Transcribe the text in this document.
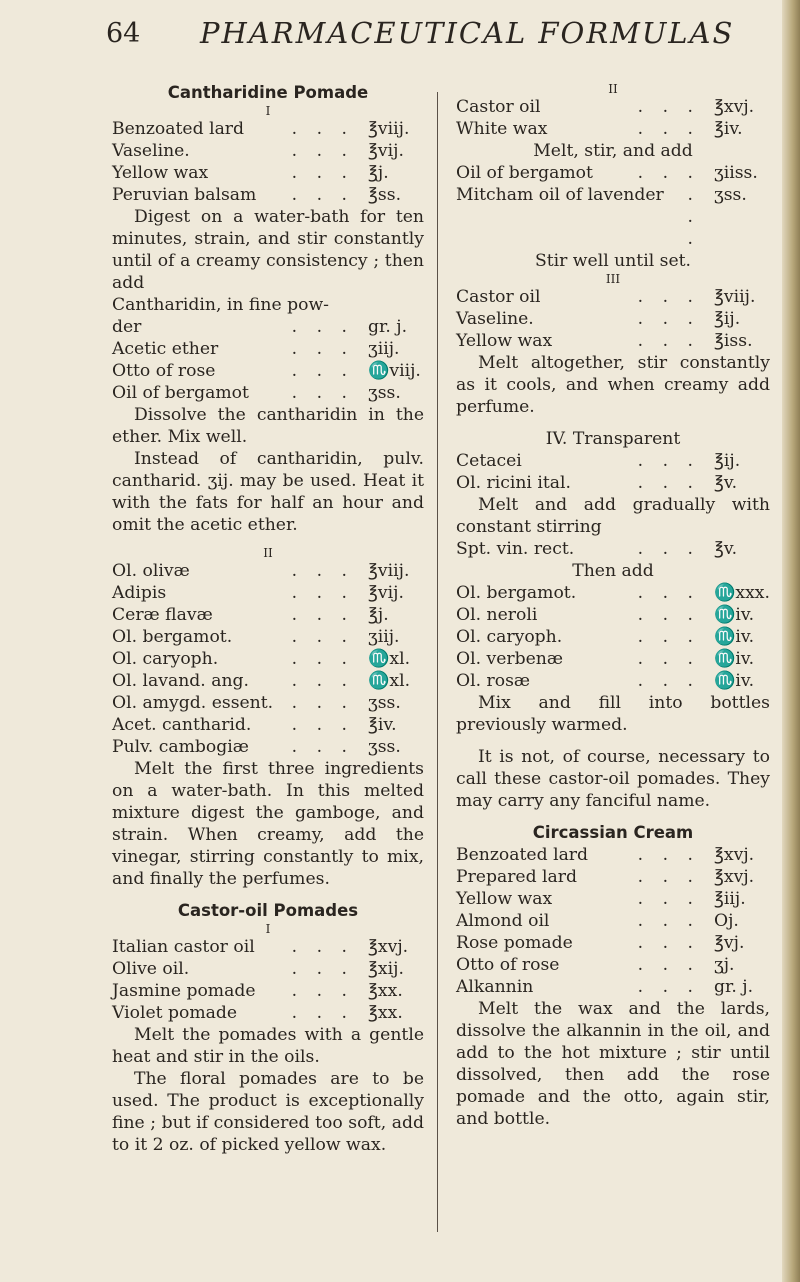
64 PHARMACEUTICAL FORMULAS
Cantharidine Pomade
I
Benzoated lard	. . . ℥viij.
Vaseline.	. . . ℥vij.
Yellow wax	. . . ℥j.
Peruvian balsam	. . . ℥ss.

Digest on a water-bath for ten minutes, strain, and stir constantly until of a creamy consistency ; then add

Cantharidin, in fine pow-
der	. . . gr. j.
Acetic ether	. . . ʒiij.
Otto of rose	. . . ♏viij.
Oil of bergamot	. . . ʒss.

Dissolve the cantharidin in the ether. Mix well.

Instead of cantharidin, pulv. cantharid. ʒij. may be used. Heat it with the fats for half an hour and omit the acetic ether.

II
Ol. olivæ	. . . ℥viij.
Adipis	. . . ℥vij.
Ceræ flavæ	. . . ℥j.
Ol. bergamot.	. . . ʒiij.
Ol. caryoph.	. . . ♏xl.
Ol. lavand. ang.	. . . ♏xl.
Ol. amygd. essent.	. . . ʒss.
Acet. cantharid.	. . . ℥iv.
Pulv. cambogiæ	. . . ʒss.

Melt the first three ingredients on a water-bath. In this melted mixture digest the gamboge, and strain. When creamy, add the vinegar, stirring constantly to mix, and finally the perfumes.

Castor-oil Pomades
I
Italian castor oil	. . . ℥xvj.
Olive oil.	. . . ℥xij.
Jasmine pomade	. . . ℥xx.
Violet pomade	. . . ℥xx.

Melt the pomades with a gentle heat and stir in the oils.

The floral pomades are to be used. The product is exceptionally fine ; but if considered too soft, add to it 2 oz. of picked yellow wax.

II
Castor oil	. . . ℥xvj.
White wax	. . . ℥iv.

Melt, stir, and add

Oil of bergamot	. . . ʒiiss.
Mitcham oil of lavender	. . .
ʒss.

Stir well until set.

III
Castor oil	. . . ℥viij.
Vaseline.	. . . ℥ij.
Yellow wax	. . . ℥iss.

Melt altogether, stir constantly as it cools, and when creamy add perfume.

IV. Transparent

Cetacei	. . . ℥ij.
Ol. ricini ital.	. . . ℥v.

Melt and add gradually with constant stirring

Spt. vin. rect.	. . . ℥v.

Then add

Ol. bergamot.	. . . ♏xxx.
Ol. neroli	. . . ♏iv.
Ol. caryoph.	. . . ♏iv.
Ol. verbenæ	. . . ♏iv.
Ol. rosæ	. . . ♏iv.

Mix and fill into bottles previously warmed.

It is not, of course, necessary to call these castor-oil pomades. They may carry any fanciful name.

Circassian Cream
Benzoated lard	. . . ℥xvj.
Prepared lard	. . . ℥xvj.
Yellow wax	. . . ℥iij.
Almond oil	. . . Oj.
Rose pomade	. . . ℥vj.
Otto of rose	. . . ʒj.
Alkannin	. . . gr. j.

Melt the wax and the lards, dissolve the alkannin in the oil, and add to the hot mixture ; stir until dissolved, then add the rose pomade and the otto, again stir, and bottle.
